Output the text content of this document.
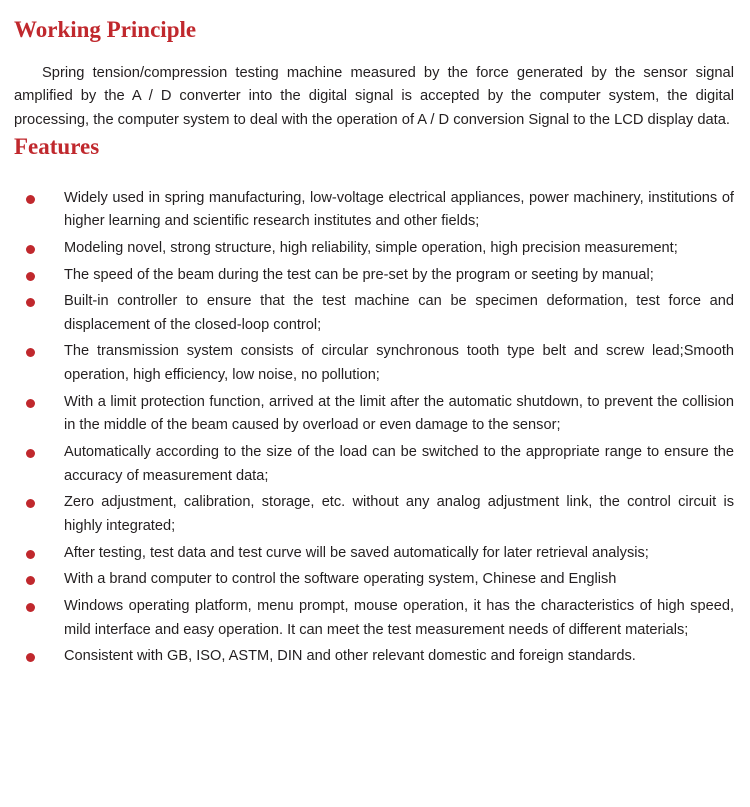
Working Principle

Spring tension/compression testing machine measured by the force generated by the sensor signal amplified by the A / D converter into the digital signal is accepted by the computer system, the digital processing, the computer system to deal with the operation of A / D conversion Signal to the LCD display data.

Features
Widely used in spring manufacturing, low-voltage electrical appliances, power machinery, institutions of higher learning and scientific research institutes and other fields;
Modeling novel, strong structure, high reliability, simple operation, high precision measurement;
The speed of the beam during the test can be pre-set by the program or seeting by manual;
Built-in controller to ensure that the test machine can be specimen deformation, test force and displacement of the closed-loop control;
The transmission system consists of circular synchronous tooth type belt and screw lead;Smooth operation, high efficiency, low noise, no pollution;
With a limit protection function, arrived at the limit after the automatic shutdown, to prevent the collision in the middle of the beam caused by overload or even damage to the sensor;
Automatically according to the size of the load can be switched to the appropriate range to ensure the accuracy of measurement data;
Zero adjustment, calibration, storage, etc. without any analog adjustment link, the control circuit is highly integrated;
After testing, test data and test curve will be saved automatically for later retrieval analysis;
With a brand computer to control the software operating system, Chinese and English
Windows operating platform, menu prompt, mouse operation, it has the characteristics of high speed, mild interface and easy operation. It can meet the test measurement needs of different materials;
Consistent with GB, ISO, ASTM, DIN and other relevant domestic and foreign standards.
